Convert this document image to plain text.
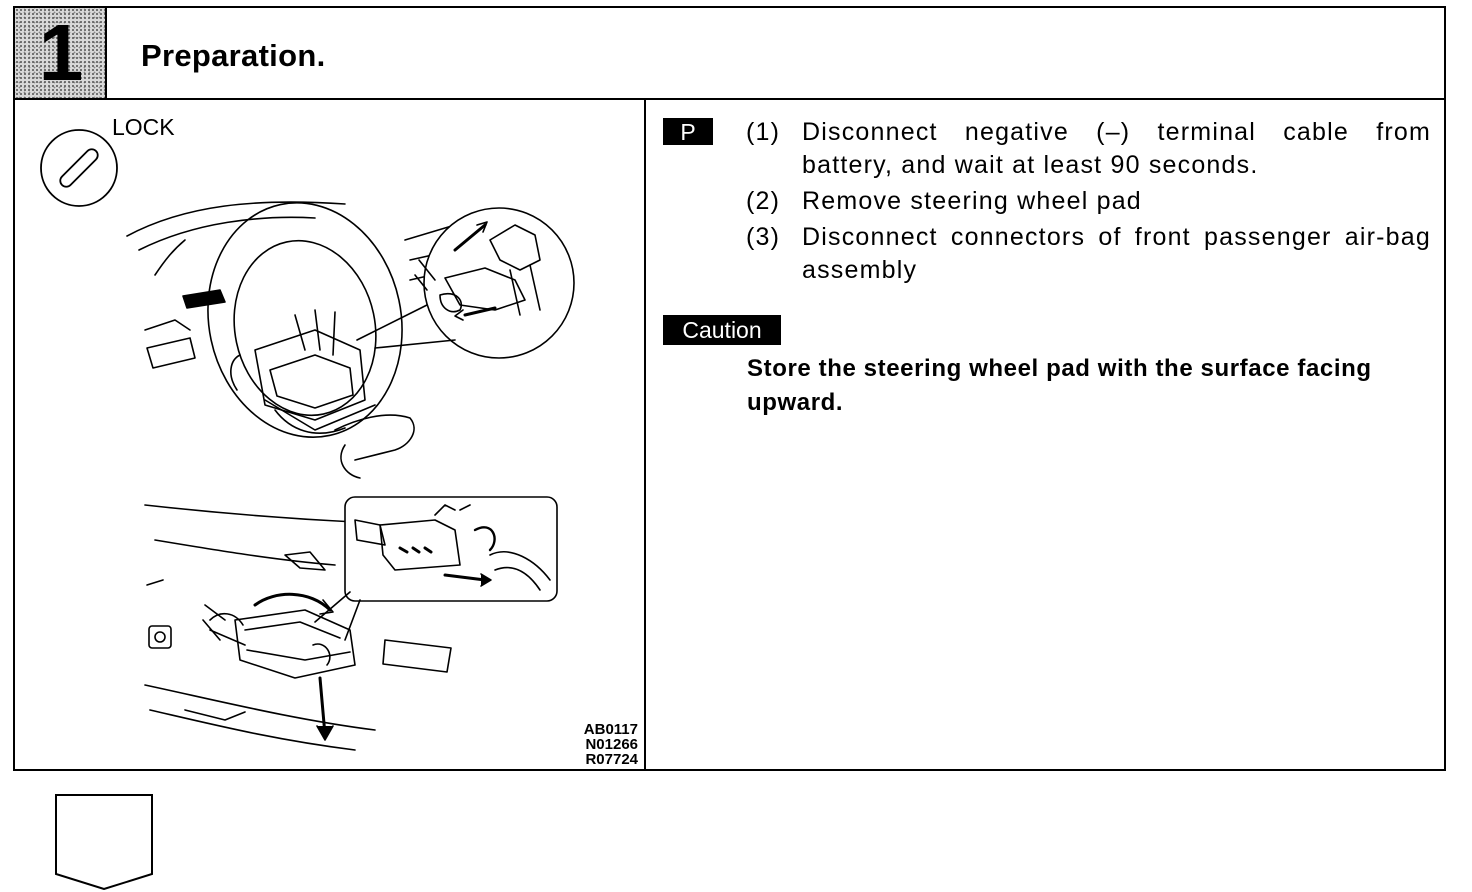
1	Preparation.
LOCK
AB0117
N01266
R07724
P	(1) Disconnect negative (–) terminal cable from battery, and wait at least 90 seconds.
(2) Remove steering wheel pad
(3) Disconnect connectors of front passenger air-bag assembly
Caution
Store the steering wheel pad with the surface facing upward.
